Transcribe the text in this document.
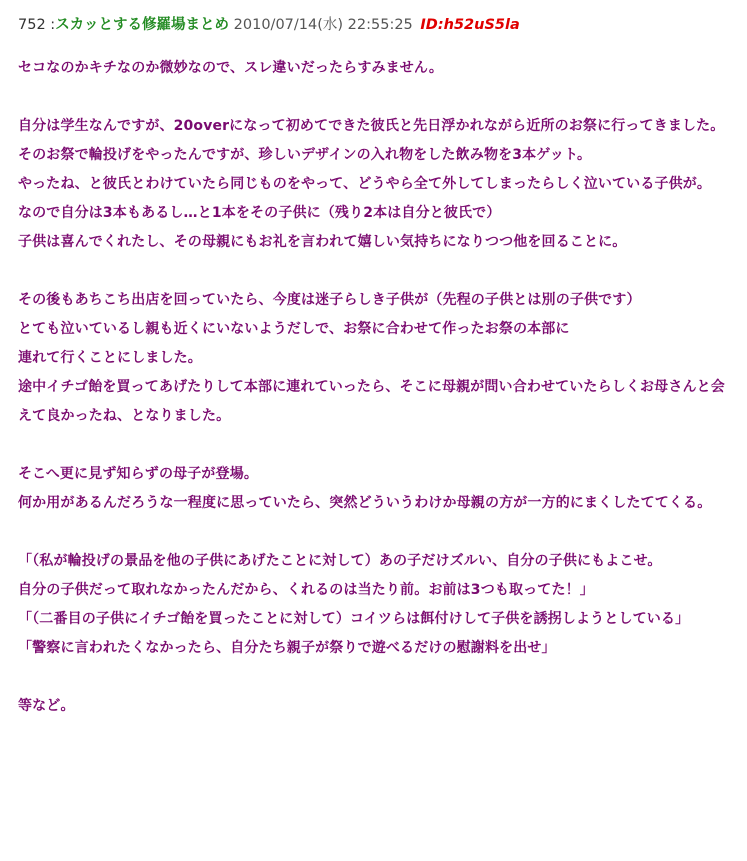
752 :スカッとする修羅場まとめ 2010/07/14(水) 22:55:25 ID:h52uS5la

セコなのかキチなのか微妙なので、スレ違いだったらすみません。

自分は学生なんですが、20overになって初めてできた彼氏と先日浮かれながら近所のお祭に行ってきました。
そのお祭で輪投げをやったんですが、珍しいデザインの入れ物をした飲み物を3本ゲット。
やったね、と彼氏とわけていたら同じものをやって、どうやら全て外してしまったらしく泣いている子供が。
なので自分は3本もあるし…と1本をその子供に（残り2本は自分と彼氏で）
子供は喜んでくれたし、その母親にもお礼を言われて嬉しい気持ちになりつつ他を回ることに。

その後もあちこち出店を回っていたら、今度は迷子らしき子供が（先程の子供とは別の子供です）
とても泣いているし親も近くにいないようだしで、お祭に合わせて作ったお祭の本部に
連れて行くことにしました。
途中イチゴ飴を買ってあげたりして本部に連れていったら、そこに母親が問い合わせていたらしくお母さんと会えて良かったね、となりました。

そこへ更に見ず知らずの母子が登場。
何か用があるんだろうな一程度に思っていたら、突然どういうわけか母親の方が一方的にまくしたててくる。

「（私が輪投げの景品を他の子供にあげたことに対して）あの子だけズルい、自分の子供にもよこせ。
自分の子供だって取れなかったんだから、くれるのは当たり前。お前は3つも取ってた！」
「（二番目の子供にイチゴ飴を買ったことに対して）コイツらは餌付けして子供を誘拐しようとしている」
「警察に言われたくなかったら、自分たち親子が祭りで遊べるだけの慰謝料を出せ」

等など。
